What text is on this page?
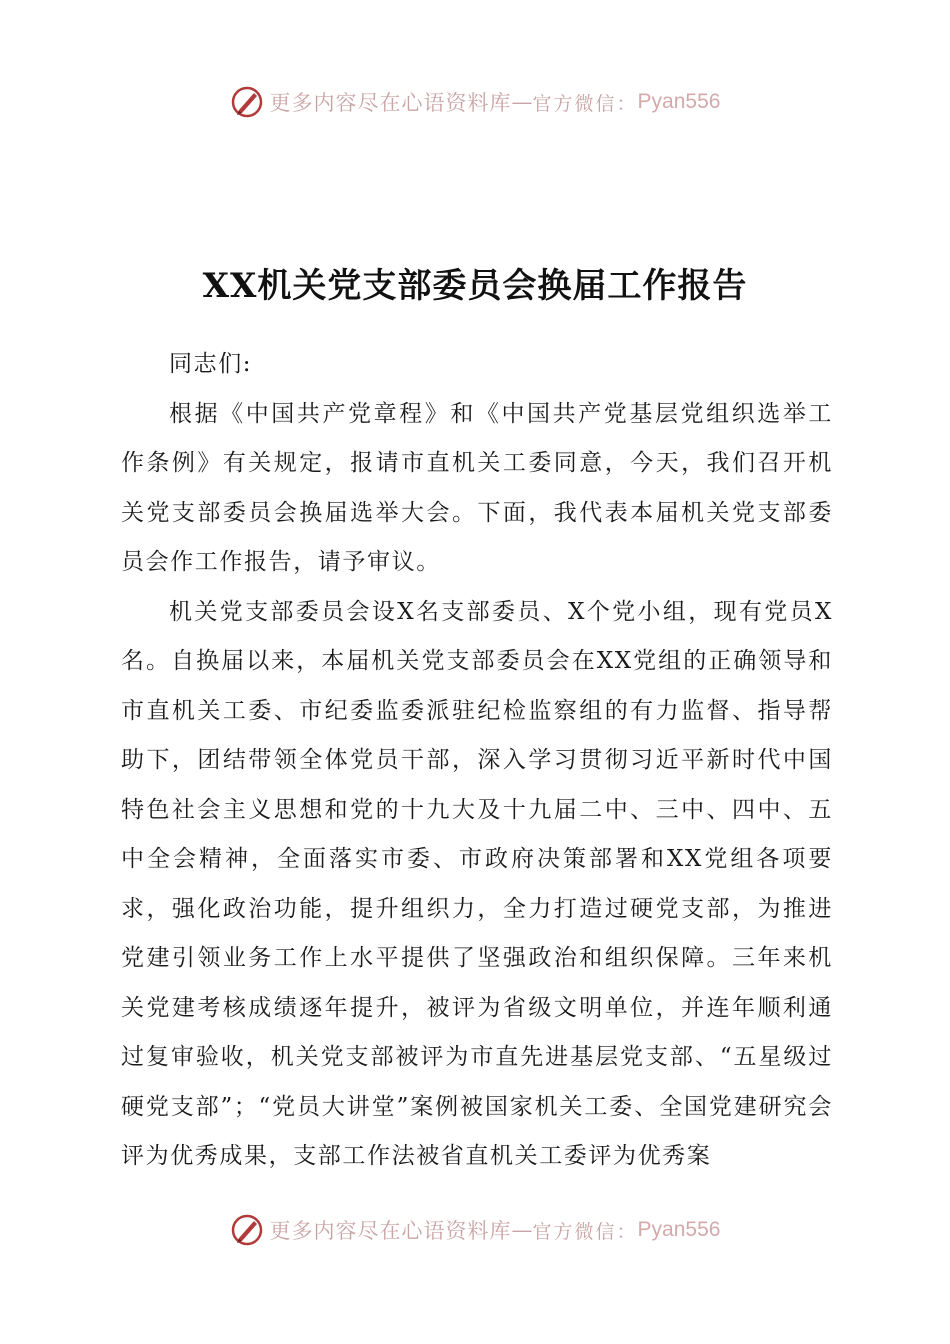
更多内容尽在心语资料库 — 官方微信： Pyan556
XX机关党支部委员会换届工作报告

同志们:

根据《中国共产党章程》和《中国共产党基层党组织选举工作条例》有关规定，报请市直机关工委同意，今天，我们召开机关党支部委员会换届选举大会。下面，我代表本届机关党支部委员会作工作报告，请予审议。

机关党支部委员会设X名支部委员、X个党小组，现有党员X名。自换届以来，本届机关党支部委员会在XX党组的正确领导和市直机关工委、市纪委监委派驻纪检监察组的有力监督、指导帮助下，团结带领全体党员干部，深入学习贯彻习近平新时代中国特色社会主义思想和党的十九大及十九届二中、三中、四中、五中全会精神，全面落实市委、市政府决策部署和XX党组各项要求，强化政治功能，提升组织力，全力打造过硬党支部，为推进党建引领业务工作上水平提供了坚强政治和组织保障。三年来机关党建考核成绩逐年提升，被评为省级文明单位，并连年顺利通过复审验收，机关党支部被评为市直先进基层党支部、“五星级过硬党支部”；“党员大讲堂”案例被国家机关工委、全国党建研究会评为优秀成果，支部工作法被省直机关工委评为优秀案

更多内容尽在心语资料库 — 官方微信： Pyan556
